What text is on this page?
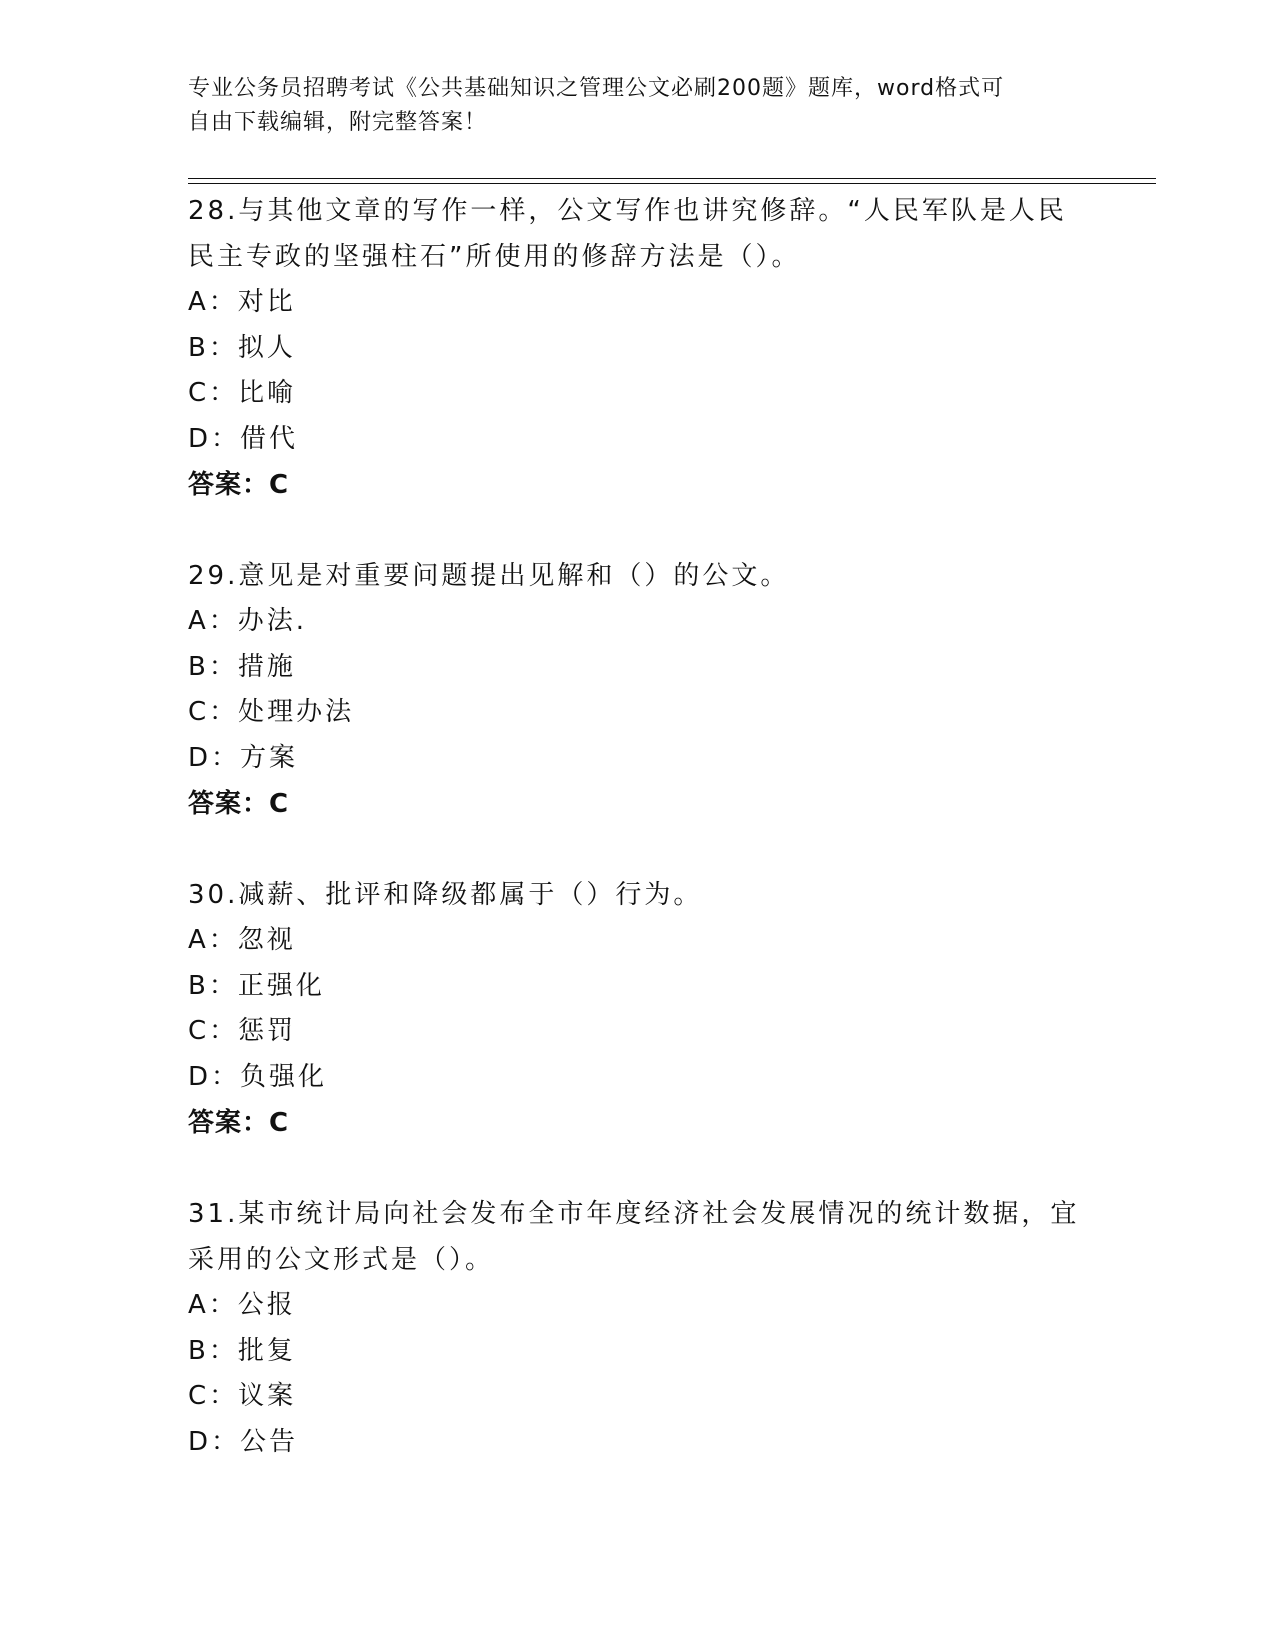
专业公务员招聘考试《公共基础知识之管理公文必刷200题》题库，word格式可
自由下载编辑，附完整答案！

28.与其他文章的写作一样，公文写作也讲究修辞。“人民军队是人民

民主专政的坚强柱石”所使用的修辞方法是（）。

A：对比

B：拟人

C：比喻

D：借代

答案：C

29.意见是对重要问题提出见解和（）的公文。

A：办法.

B：措施

C：处理办法

D：方案

答案：C

30.减薪、批评和降级都属于（）行为。

A：忽视

B：正强化

C：惩罚

D：负强化

答案：C

31.某市统计局向社会发布全市年度经济社会发展情况的统计数据，宜

采用的公文形式是（）。

A：公报

B：批复

C：议案

D：公告
